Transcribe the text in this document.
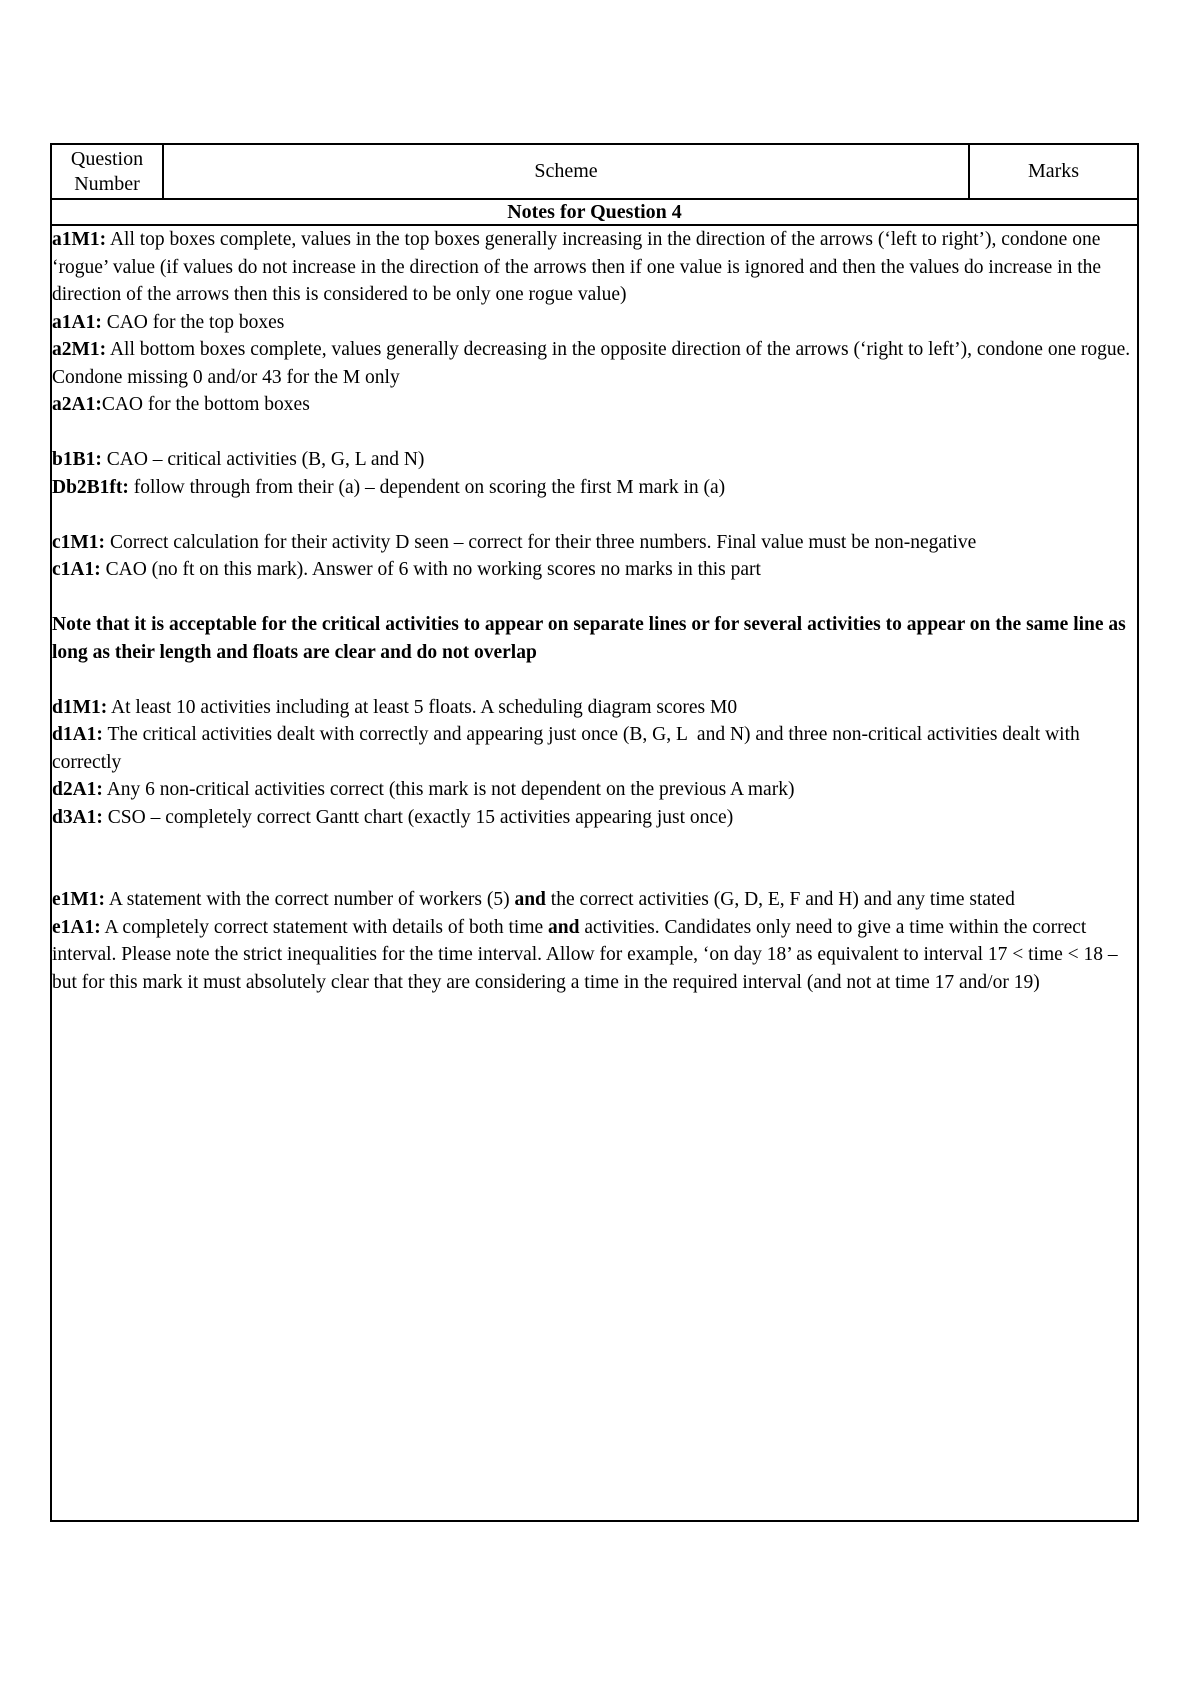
Question Number	Scheme	Marks
Notes for Question 4

a1M1: All top boxes complete, values in the top boxes generally increasing in the direction of the arrows (‘left to right’), condone one ‘rogue’ value (if values do not increase in the direction of the arrows then if one value is ignored and then the values do increase in the direction of the arrows then this is considered to be only one rogue value)

a1A1: CAO for the top boxes

a2M1: All bottom boxes complete, values generally decreasing in the opposite direction of the arrows (‘right to left’), condone one rogue. Condone missing 0 and/or 43 for the M only

a2A1:CAO for the bottom boxes

b1B1: CAO – critical activities (B, G, L and N)

Db2B1ft: follow through from their (a) – dependent on scoring the first M mark in (a)

c1M1: Correct calculation for their activity D seen – correct for their three numbers. Final value must be non-negative

c1A1: CAO (no ft on this mark). Answer of 6 with no working scores no marks in this part

Note that it is acceptable for the critical activities to appear on separate lines or for several activities to appear on the same line as long as their length and floats are clear and do not overlap

d1M1: At least 10 activities including at least 5 floats. A scheduling diagram scores M0

d1A1: The critical activities dealt with correctly and appearing just once (B, G, L  and N) and three non-critical activities dealt with correctly

d2A1: Any 6 non-critical activities correct (this mark is not dependent on the previous A mark)

d3A1: CSO – completely correct Gantt chart (exactly 15 activities appearing just once)

e1M1: A statement with the correct number of workers (5) and the correct activities (G, D, E, F and H) and any time stated

e1A1: A completely correct statement with details of both time and activities. Candidates only need to give a time within the correct interval. Please note the strict inequalities for the time interval. Allow for example, ‘on day 18’ as equivalent to interval 17 < time < 18 – but for this mark it must absolutely clear that they are considering a time in the required interval (and not at time 17 and/or 19)
